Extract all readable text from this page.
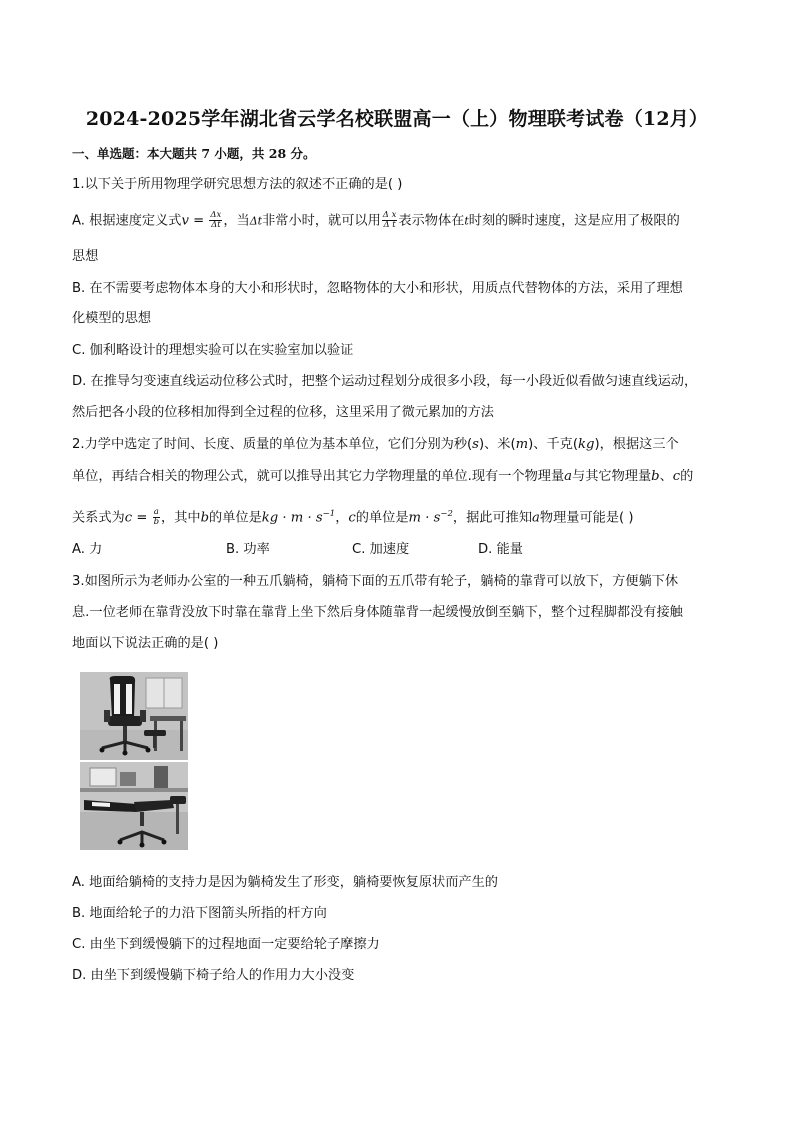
2024-2025学年湖北省云学名校联盟高一（上）物理联考试卷（12月）
一、单选题：本大题共 7 小题，共 28 分。
1.以下关于所用物理学研究思想方法的叙述不正确的是( )
A. 根据速度定义式$v = \frac{\Delta x}{\Delta t}$ ，当Δt非常小时，就可以用 $\frac{\text{Δ x}}{\text{Δ t}}$ 表示物体在t时刻的瞬时速度，这是应用了极限的
思想
B. 在不需要考虑物体本身的大小和形状时，忽略物体的大小和形状，用质点代替物体的方法，采用了理想
化模型的思想
C. 伽利略设计的理想实验可以在实验室加以验证
D. 在推导匀变速直线运动位移公式时，把整个运动过程划分成很多小段，每一小段近似看做匀速直线运动，
然后把各小段的位移相加得到全过程的位移，这里采用了微元累加的方法
2.力学中选定了时间、长度、质量的单位为基本单位，它们分别为秒(s)、米(m)、千克(kg)，根据这三个
单位，再结合相关的物理公式，就可以推导出其它力学物理量的单位.现有一个物理量a与其它物理量b、c的
关系式为$c = \frac{a}{b}$ ，其中b的单位是kg · $m \cdot s^{-1}$，c的单位是$m \cdot s^{-2}$，据此可推知a物理量可能是( )
A. 力	B. 功率	C. 加速度	D. 能量
3.如图所示为老师办公室的一种五爪躺椅，躺椅下面的五爪带有轮子，躺椅的靠背可以放下，方便躺下休
息.一位老师在靠背没放下时靠在靠背上坐下然后身体随靠背一起缓慢放倒至躺下，整个过程脚都没有接触
地面以下说法正确的是( )
A. 地面给躺椅的支持力是因为躺椅发生了形变，躺椅要恢复原状而产生的
B. 地面给轮子的力沿下图箭头所指的杆方向
C. 由坐下到缓慢躺下的过程地面一定要给轮子摩擦力
D. 由坐下到缓慢躺下椅子给人的作用力大小没变
